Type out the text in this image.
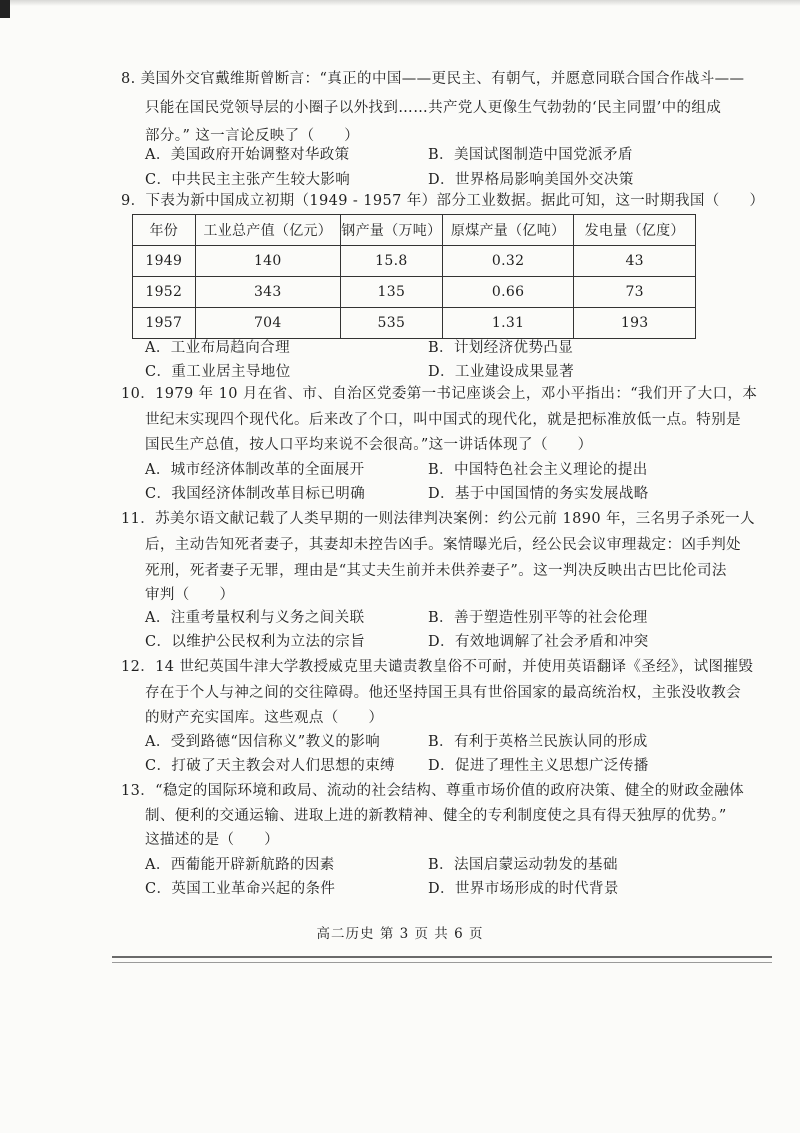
8. 美国外交官戴维斯曾断言：“真正的中国——更民主、有朝气，并愿意同联合国合作战斗——
只能在国民党领导层的小圈子以外找到……共产党人更像生气勃勃的‘民主同盟’中的组成
部分。” 这一言论反映了（　　）
A．美国政府开始调整对华政策	B．美国试图制造中国党派矛盾
C．中共民主主张产生较大影响	D．世界格局影响美国外交决策
9．下表为新中国成立初期（1949 - 1957 年）部分工业数据。据此可知，这一时期我国（　　）
年份	工业总产值（亿元）	钢产量（万吨）	原煤产量（亿吨）	发电量（亿度）
1949	140	15.8	0.32	43
1952	343	135	0.66	73
1957	704	535	1.31	193
A．工业布局趋向合理	B．计划经济优势凸显
C．重工业居主导地位	D．工业建设成果显著
10．1979 年 10 月在省、市、自治区党委第一书记座谈会上，邓小平指出：“我们开了大口，本
世纪末实现四个现代化。后来改了个口，叫中国式的现代化，就是把标准放低一点。特别是
国民生产总值，按人口平均来说不会很高。”这一讲话体现了（　　）
A．城市经济体制改革的全面展开	B．中国特色社会主义理论的提出
C．我国经济体制改革目标已明确	D．基于中国国情的务实发展战略
11．苏美尔语文献记载了人类早期的一则法律判决案例：约公元前 1890 年，三名男子杀死一人
后，主动告知死者妻子，其妻却未控告凶手。案情曝光后，经公民会议审理裁定：凶手判处
死刑，死者妻子无罪，理由是“其丈夫生前并未供养妻子”。这一判决反映出古巴比伦司法
审判（　　）
A．注重考量权利与义务之间关联	B．善于塑造性别平等的社会伦理
C．以维护公民权利为立法的宗旨	D．有效地调解了社会矛盾和冲突
12．14 世纪英国牛津大学教授威克里夫谴责教皇俗不可耐，并使用英语翻译《圣经》，试图摧毁
存在于个人与神之间的交往障碍。他还坚持国王具有世俗国家的最高统治权，主张没收教会
的财产充实国库。这些观点（　　）
A．受到路德“因信称义”教义的影响	B．有利于英格兰民族认同的形成
C．打破了天主教会对人们思想的束缚 D．促进了理性主义思想广泛传播
13．“稳定的国际环境和政局、流动的社会结构、尊重市场价值的政府决策、健全的财政金融体
制、便利的交通运输、进取上进的新教精神、健全的专利制度使之具有得天独厚的优势。”
这描述的是（　　）
A．西葡能开辟新航路的因素	B．法国启蒙运动勃发的基础
C．英国工业革命兴起的条件	D．世界市场形成的时代背景
高二历史 第 3 页 共 6 页
